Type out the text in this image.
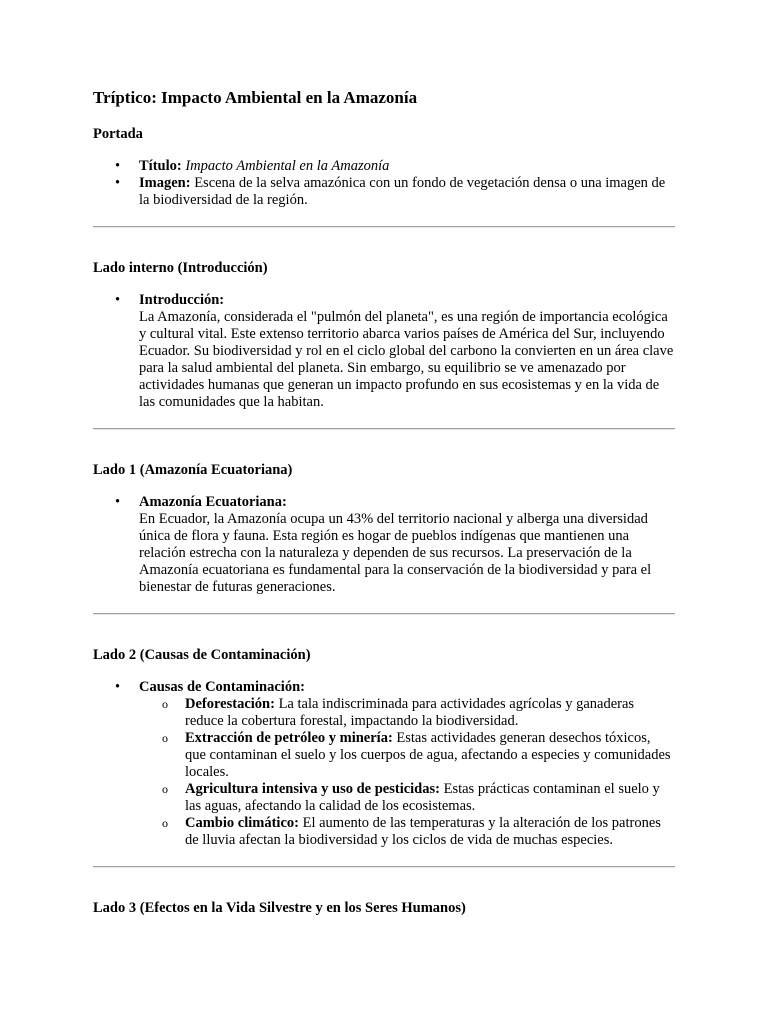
Tríptico: Impacto Ambiental en la Amazonía
Portada
• Título: Impacto Ambiental en la Amazonía
• Imagen: Escena de la selva amazónica con un fondo de vegetación densa o una imagen de la biodiversidad de la región.
Lado interno (Introducción)
• Introducción:
La Amazonía, considerada el "pulmón del planeta", es una región de importancia ecológica y cultural vital. Este extenso territorio abarca varios países de América del Sur, incluyendo Ecuador. Su biodiversidad y rol en el ciclo global del carbono la convierten en un área clave para la salud ambiental del planeta. Sin embargo, su equilibrio se ve amenazado por actividades humanas que generan un impacto profundo en sus ecosistemas y en la vida de las comunidades que la habitan.
Lado 1 (Amazonía Ecuatoriana)
• Amazonía Ecuatoriana:
En Ecuador, la Amazonía ocupa un 43% del territorio nacional y alberga una diversidad única de flora y fauna. Esta región es hogar de pueblos indígenas que mantienen una relación estrecha con la naturaleza y dependen de sus recursos. La preservación de la Amazonía ecuatoriana es fundamental para la conservación de la biodiversidad y para el bienestar de futuras generaciones.
Lado 2 (Causas de Contaminación)
• Causas de Contaminación:
o Deforestación: La tala indiscriminada para actividades agrícolas y ganaderas reduce la cobertura forestal, impactando la biodiversidad.
o Extracción de petróleo y minería: Estas actividades generan desechos tóxicos, que contaminan el suelo y los cuerpos de agua, afectando a especies y comunidades locales.
o Agricultura intensiva y uso de pesticidas: Estas prácticas contaminan el suelo y las aguas, afectando la calidad de los ecosistemas.
o Cambio climático: El aumento de las temperaturas y la alteración de los patrones de lluvia afectan la biodiversidad y los ciclos de vida de muchas especies.
Lado 3 (Efectos en la Vida Silvestre y en los Seres Humanos)
